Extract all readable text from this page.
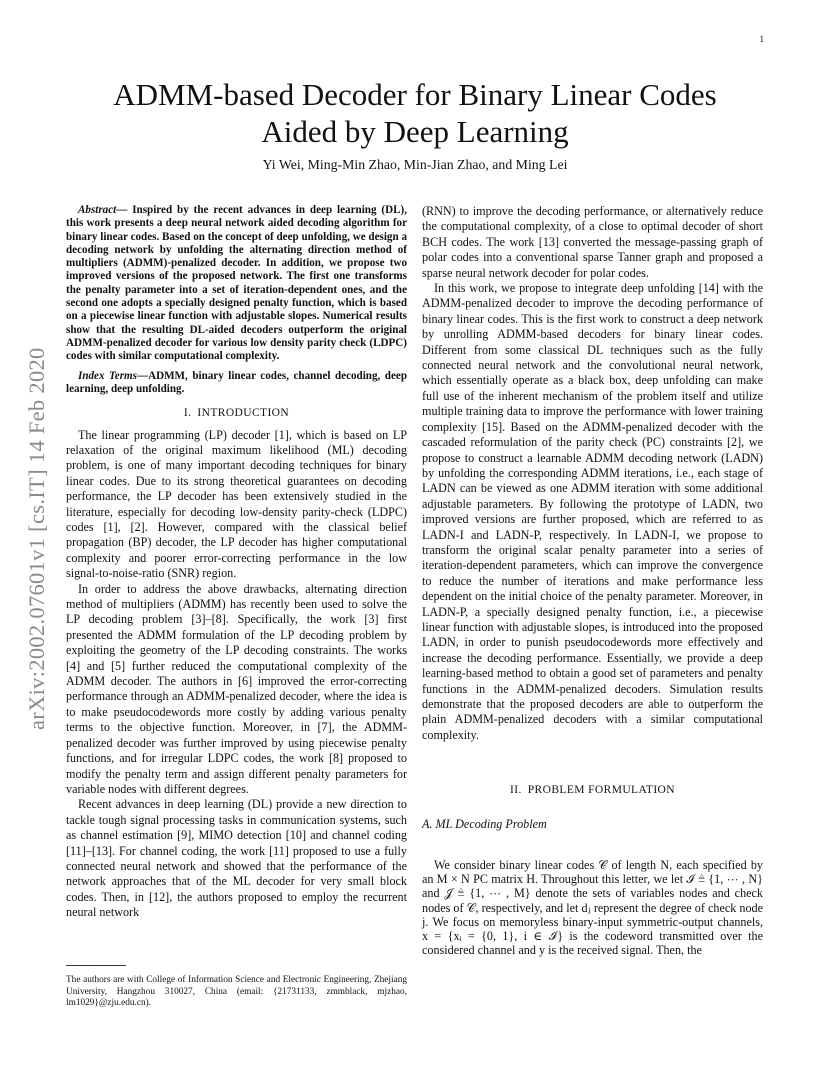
1
arXiv:2002.07601v1 [cs.IT] 14 Feb 2020
ADMM-based Decoder for Binary Linear Codes
Aided by Deep Learning
Yi Wei, Ming-Min Zhao, Min-Jian Zhao, and Ming Lei

Abstract— Inspired by the recent advances in deep learning (DL), this work presents a deep neural network aided decoding algorithm for binary linear codes. Based on the concept of deep unfolding, we design a decoding network by unfolding the alternating direction method of multipliers (ADMM)-penalized decoder. In addition, we propose two improved versions of the proposed network. The first one transforms the penalty parameter into a set of iteration-dependent ones, and the second one adopts a specially designed penalty function, which is based on a piecewise linear function with adjustable slopes. Numerical results show that the resulting DL-aided decoders outperform the original ADMM-penalized decoder for various low density parity check (LDPC) codes with similar computational complexity.

Index Terms—ADMM, binary linear codes, channel decoding, deep learning, deep unfolding.

I. INTRODUCTION

The linear programming (LP) decoder [1], which is based on LP relaxation of the original maximum likelihood (ML) decoding problem, is one of many important decoding techniques for binary linear codes. Due to its strong theoretical guarantees on decoding performance, the LP decoder has been extensively studied in the literature, especially for decoding low-density parity-check (LDPC) codes [1], [2]. However, compared with the classical belief propagation (BP) decoder, the LP decoder has higher computational complexity and poorer error-correcting performance in the low signal-to-noise-ratio (SNR) region.

In order to address the above drawbacks, alternating direction method of multipliers (ADMM) has recently been used to solve the LP decoding problem [3]–[8]. Specifically, the work [3] first presented the ADMM formulation of the LP decoding problem by exploiting the geometry of the LP decoding constraints. The works [4] and [5] further reduced the computational complexity of the ADMM decoder. The authors in [6] improved the error-correcting performance through an ADMM-penalized decoder, where the idea is to make pseudocodewords more costly by adding various penalty terms to the objective function. Moreover, in [7], the ADMM-penalized decoder was further improved by using piecewise penalty functions, and for irregular LDPC codes, the work [8] proposed to modify the penalty term and assign different penalty parameters for variable nodes with different degrees.

Recent advances in deep learning (DL) provide a new direction to tackle tough signal processing tasks in communication systems, such as channel estimation [9], MIMO detection [10] and channel coding [11]–[13]. For channel coding, the work [11] proposed to use a fully connected neural network and showed that the performance of the network approaches that of the ML decoder for very small block codes. Then, in [12], the authors proposed to employ the recurrent neural network

(RNN) to improve the decoding performance, or alternatively reduce the computational complexity, of a close to optimal decoder of short BCH codes. The work [13] converted the message-passing graph of polar codes into a conventional sparse Tanner graph and proposed a sparse neural network decoder for polar codes.

In this work, we propose to integrate deep unfolding [14] with the ADMM-penalized decoder to improve the decoding performance of binary linear codes. This is the first work to construct a deep network by unrolling ADMM-based decoders for binary linear codes. Different from some classical DL techniques such as the fully connected neural network and the convolutional neural network, which essentially operate as a black box, deep unfolding can make full use of the inherent mechanism of the problem itself and utilize multiple training data to improve the performance with lower training complexity [15]. Based on the ADMM-penalized decoder with the cascaded reformulation of the parity check (PC) constraints [2], we propose to construct a learnable ADMM decoding network (LADN) by unfolding the corresponding ADMM iterations, i.e., each stage of LADN can be viewed as one ADMM iteration with some additional adjustable parameters. By following the prototype of LADN, two improved versions are further proposed, which are referred to as LADN-I and LADN-P, respectively. In LADN-I, we propose to transform the original scalar penalty parameter into a series of iteration-dependent parameters, which can improve the convergence to reduce the number of iterations and make performance less dependent on the initial choice of the penalty parameter. Moreover, in LADN-P, a specially designed penalty function, i.e., a piecewise linear function with adjustable slopes, is introduced into the proposed LADN, in order to punish pseudocodewords more effectively and increase the decoding performance. Essentially, we provide a deep learning-based method to obtain a good set of parameters and penalty functions in the ADMM-penalized decoders. Simulation results demonstrate that the proposed decoders are able to outperform the plain ADMM-penalized decoders with a similar computational complexity.

II. PROBLEM FORMULATION

A. ML Decoding Problem

We consider binary linear codes 𝒞 of length N, each specified by an M × N PC matrix H. Throughout this letter, we let ℐ ≜ {1, ⋯ , N} and 𝒥 ≜ {1, ⋯ , M} denote the sets of variables nodes and check nodes of 𝒞, respectively, and let dⱼ represent the degree of check node j. We focus on memoryless binary-input symmetric-output channels, x = {xᵢ = {0, 1}, i ∈ ℐ} is the codeword transmitted over the considered channel and y is the received signal. Then, the

The authors are with College of Information Science and Electronic Engineering, Zhejiang University, Hangzhou 310027, China (email: {21731133, zmmblack, mjzhao, lm1029}@zju.edu.cn).
